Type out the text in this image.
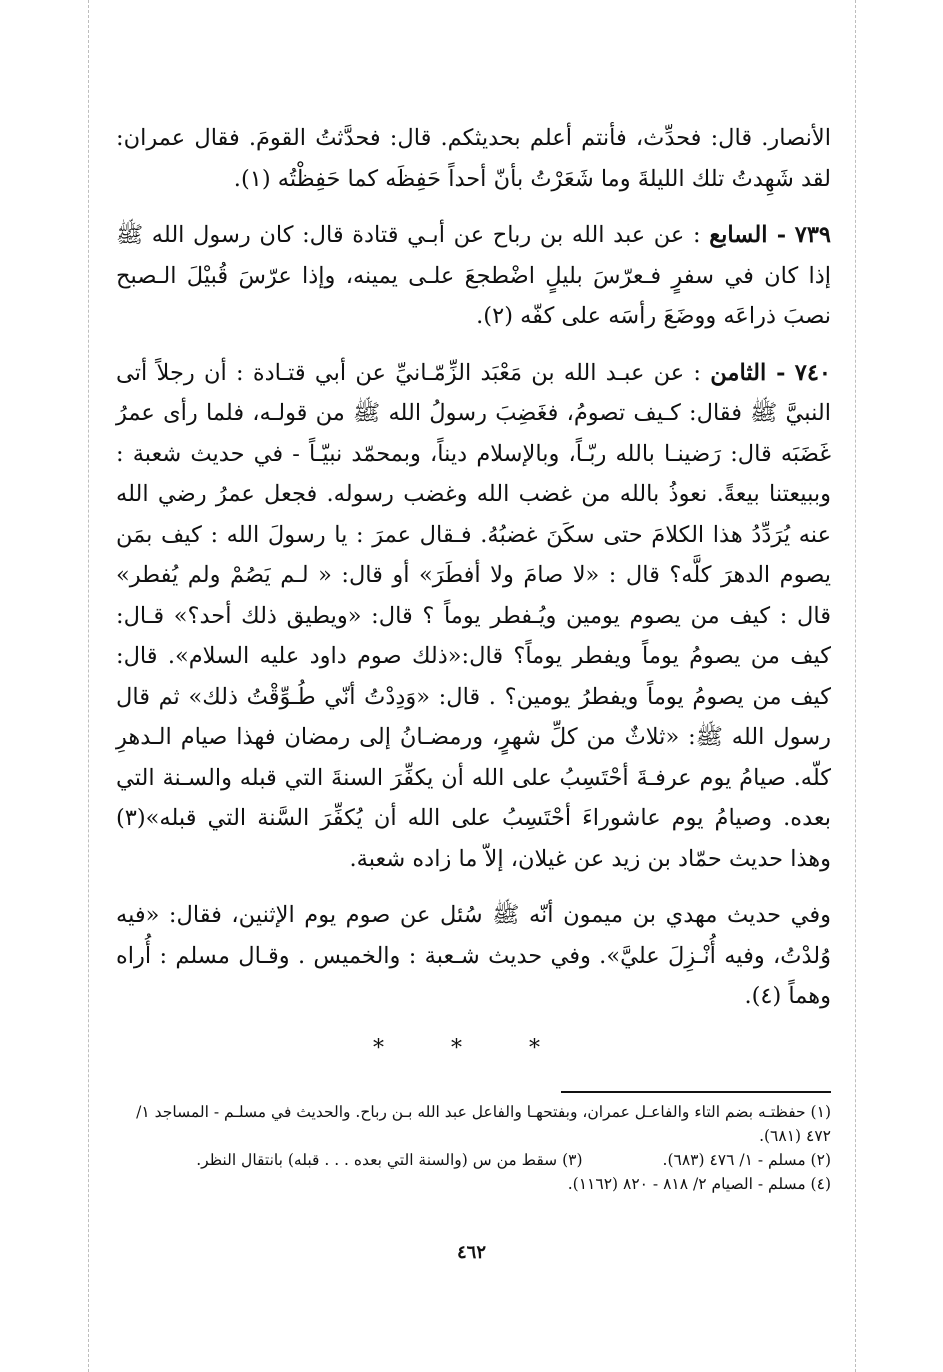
الأنصار. قال: فحدِّث، فأنتم أعلم بحديثكم. قال: فحدَّثتُ القومَ. فقال عمران: لقد شَهِدتُ تلك الليلةَ وما شَعَرْتُ بأنّ أحداً حَفِظَه كما حَفِظْتُه (١).

٧٣٩ - السابع : عن عبد الله بن رباح عن أبـي قتادة قال: كان رسول الله ﷺ إذا كان في سفرٍ فـعرّسَ بليلٍ اضْطجعَ علـى يمينه، وإذا عرّسَ قُبيْلَ الـصبح نصبَ ذراعَه ووضَعَ رأسَه على كفّه (٢).

٧٤٠ - الثامن : عن عبـد الله بن مَعْبَد الزِّمّـانيِّ عن أبي قتـادة : أن رجلاً أتى النبيَّ ﷺ فقال: كـيف تصومُ، فغَضِبَ رسولُ الله ﷺ من قولـه، فلما رأى عمرُ غَضَبَه قال: رَضينـا بالله ربّـاً، وبالإسلام ديناً، وبمحمّد نبيّـاً - في حديث شعبة : وببيعتنا بيعةً. نعوذُ بالله من غضب الله وغضب رسوله. فجعل عمرُ رضي الله عنه يُرَدِّدُ هذا الكلامَ حتى سكَنَ غضبُهُ. فـقال عمرَ : يا رسولَ الله : كيف بمَن يصوم الدهرَ كلَّه؟ قال : «لا صامَ ولا أفطَرَ» أو قال: « لـم يَصُمْ ولم يُفطر» قال : كيف من يصوم يومين ويُـفطر يوماً ؟ قال: «ويطيق ذلك أحد؟» قـال: كيف من يصومُ يوماً ويفطر يوماً؟ قال:«ذلك صوم داود عليه السلام». قال: كيف من يصومُ يوماً ويفطرُ يومين؟ . قال: «وَدِدْتُ أنّي طُـوِّقْتُ ذلك» ثم قال رسول الله ﷺ: «ثلاثٌ من كلِّ شهرٍ، ورمضـانُ إلى رمضان فهذا صيام الـدهرِ كلّه. صيامُ يوم عرفـةَ أحْتَسِبُ على الله أن يكفِّرَ السنةَ التي قبله والسـنة التي بعده. وصيامُ يوم عاشوراءَ أحْتَسِبُ على الله أن يُكفِّرَ السَّنة التي قبله»(٣) وهذا حديث حمّاد بن زيد عن غيلان، إلاّ ما زاده شعبة.

وفي حديث مهدي بن ميمون أنّه ﷺ سُئل عن صوم يوم الإثنين، فقال: «فيه وُلدْتُ، وفيه أُنْـزِلَ عليَّ». وفي حديث شـعبة : والخميس . وقـال مسلم : أُراه وهماً (٤).

* * *
(١) حفظتـه بضم التاء والفاعـل عمران، وبفتحهـا والفاعل عبد الله بـن رباح. والحديث في مسلـم - المساجد ١/ ٤٧٢ (٦٨١).
(٢) مسلم - ١/ ٤٧٦ (٦٨٣).
(٣) سقط من س (والسنة التي بعده . . . قبله) بانتقال النظر.
(٤) مسلم - الصيام ٢/ ٨١٨ - ٨٢٠ (١١٦٢).
٤٦٢
